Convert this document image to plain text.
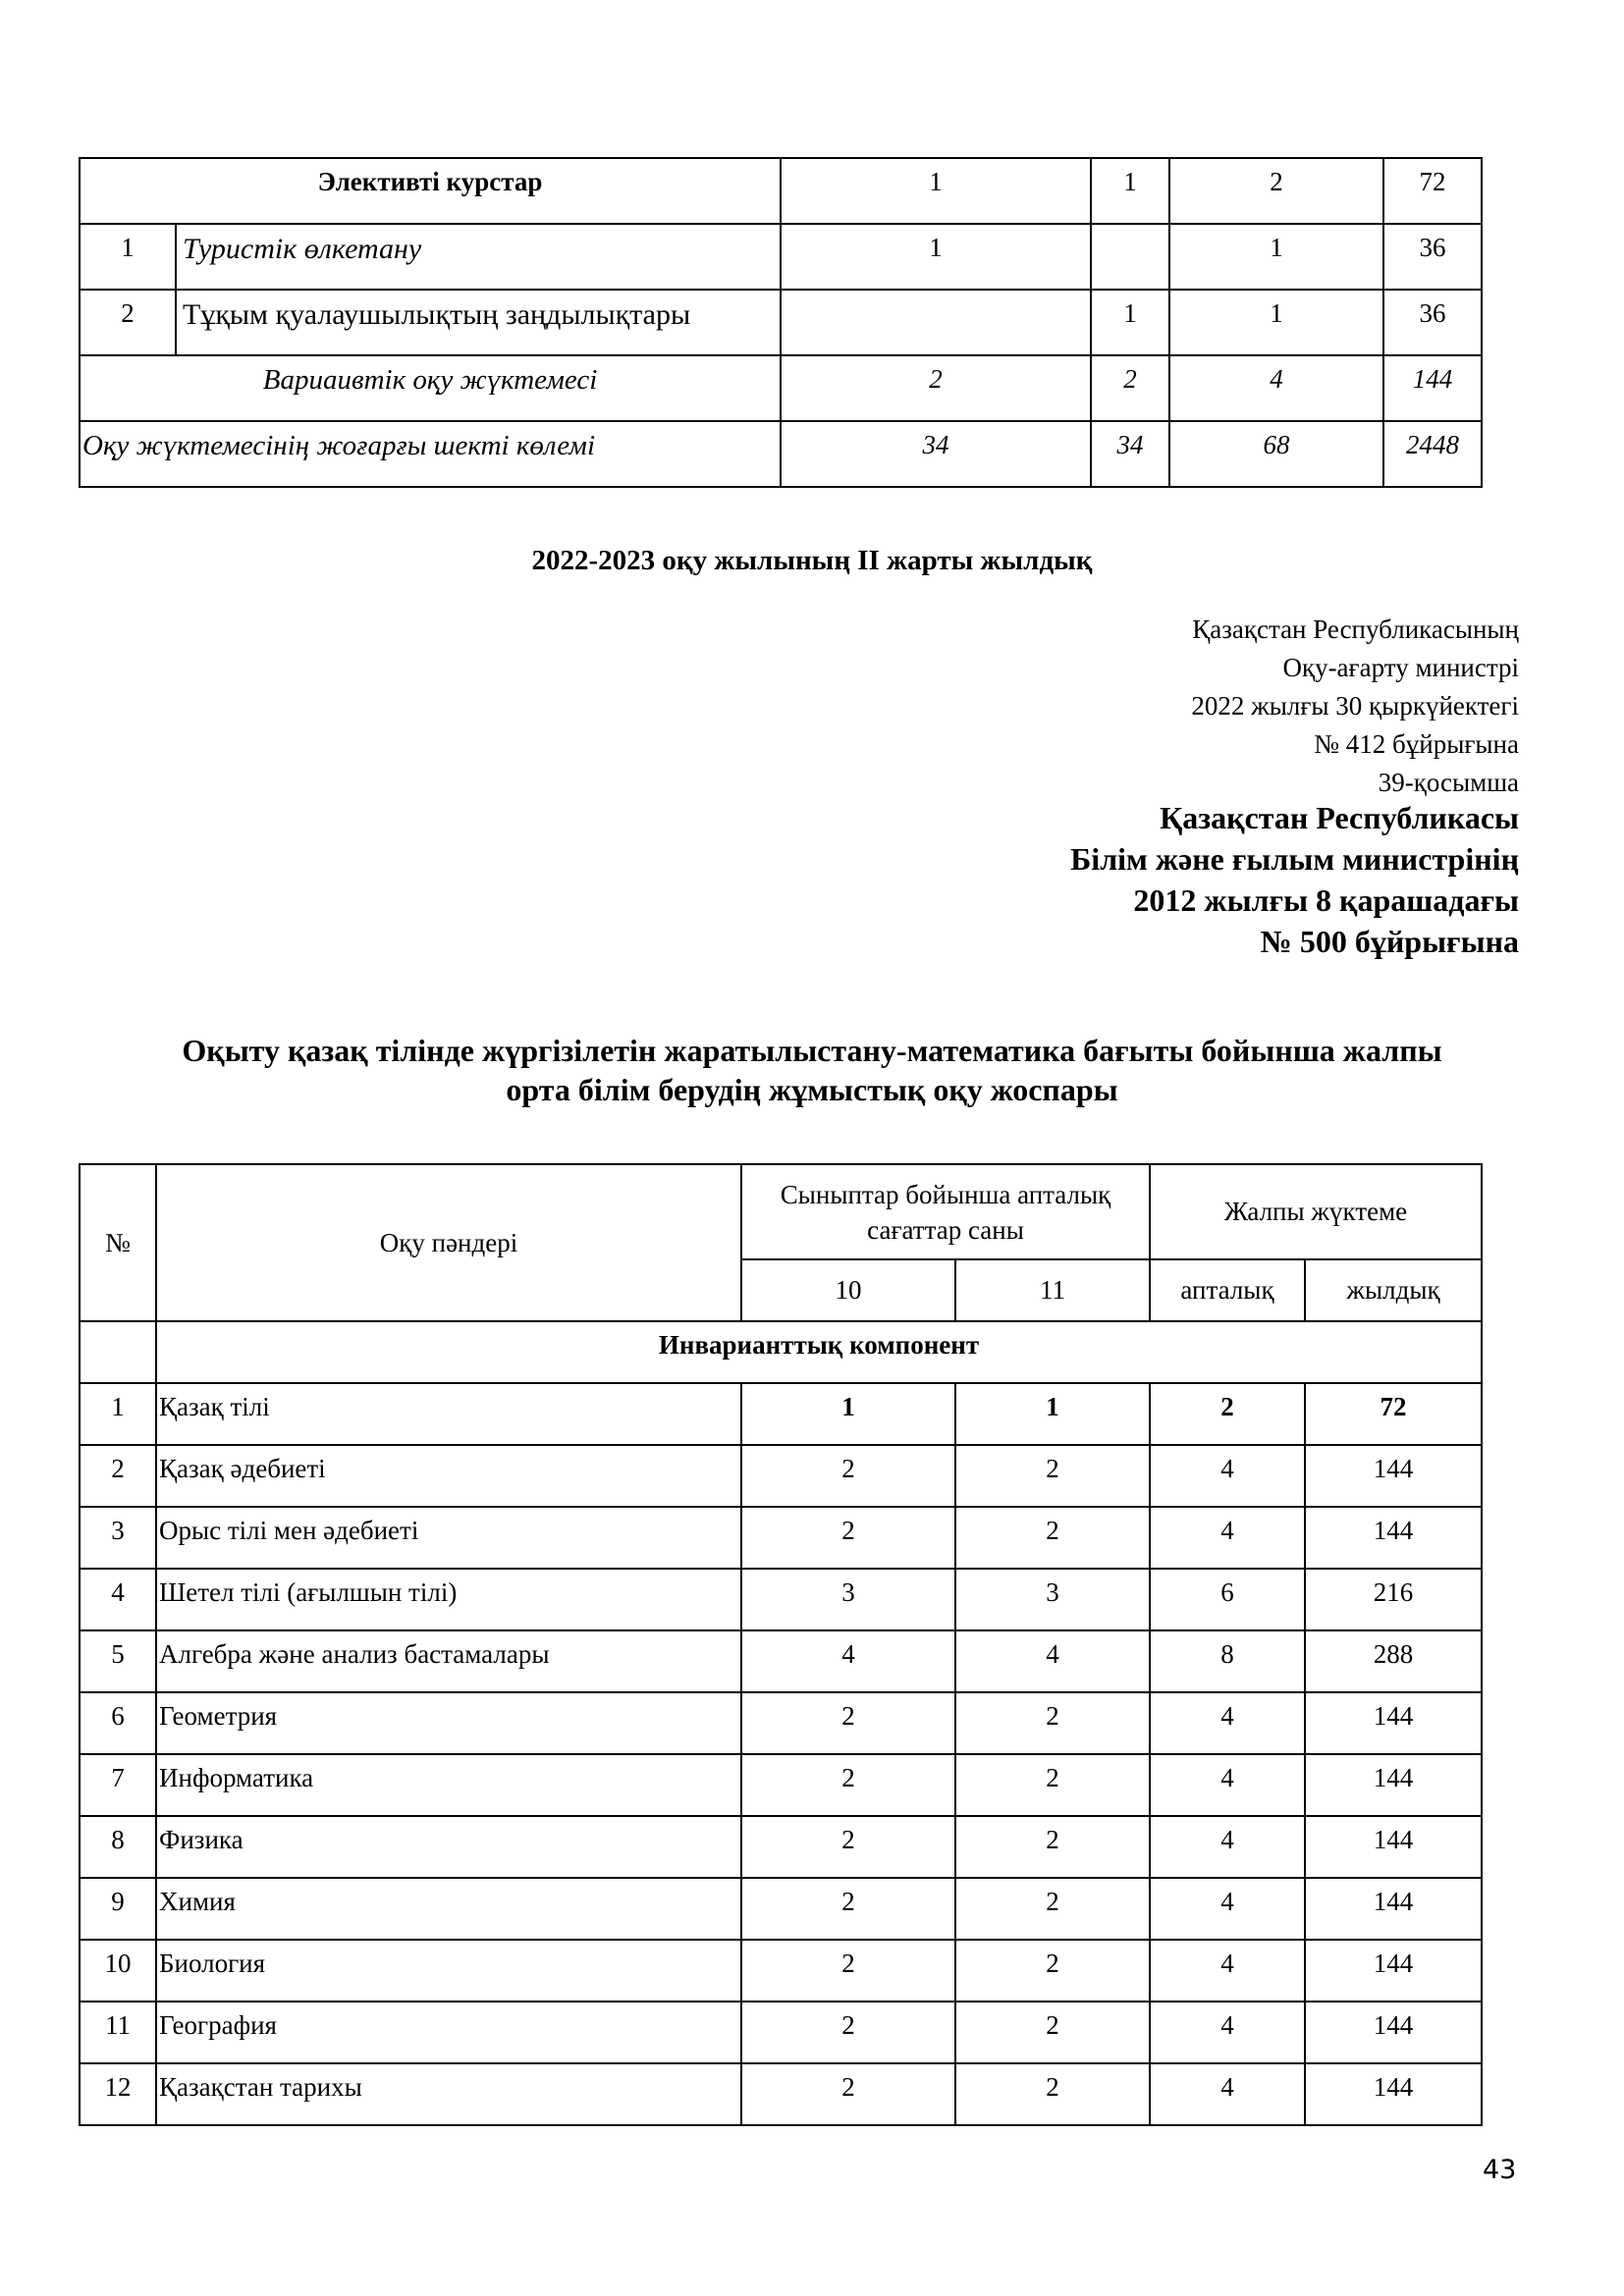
Элективті курстар		1	1	2	72
1	Туристік өлкетану	1		1	36
2	Тұқым қуалаушылықтың заңдылықтары		1	1	36
Вариаивтік оқу жүктемесі		2	2	4	144
Оқу жүктемесінің жоғарғы шекті көлемі		34	34	68	2448
2022-2023 оқу жылының ІІ жарты жылдық
Қазақстан Республикасының
Оқу-ағарту министрі
2022 жылғы 30 қыркүйектегі
№ 412 бұйрығына
39-қосымша
Қазақстан Республикасы
Білім және ғылым министрінің
2012 жылғы 8 қарашадағы
№ 500 бұйрығына
Оқыту қазақ тілінде жүргізілетін жаратылыстану-математика бағыты бойынша жалпы
орта білім берудің жұмыстық оқу жоспары
№	Оқу пәндері	Сыныптар бойынша апталық сағаттар саны		Жалпы жүктеме	
		10	11	апталық	жылдық
	Инварианттық компонент				
1	Қазақ тілі	1	1	2	72
2	Қазақ әдебиеті	2	2	4	144
3	Орыс тілі мен әдебиеті	2	2	4	144
4	Шетел тілі (ағылшын тілі)	3	3	6	216
5	Алгебра және анализ бастамалары	4	4	8	288
6	Геометрия	2	2	4	144
7	Информатика	2	2	4	144
8	Физика	2	2	4	144
9	Химия	2	2	4	144
10	Биология	2	2	4	144
11	География	2	2	4	144
12	Қазақстан тарихы	2	2	4	144
43
